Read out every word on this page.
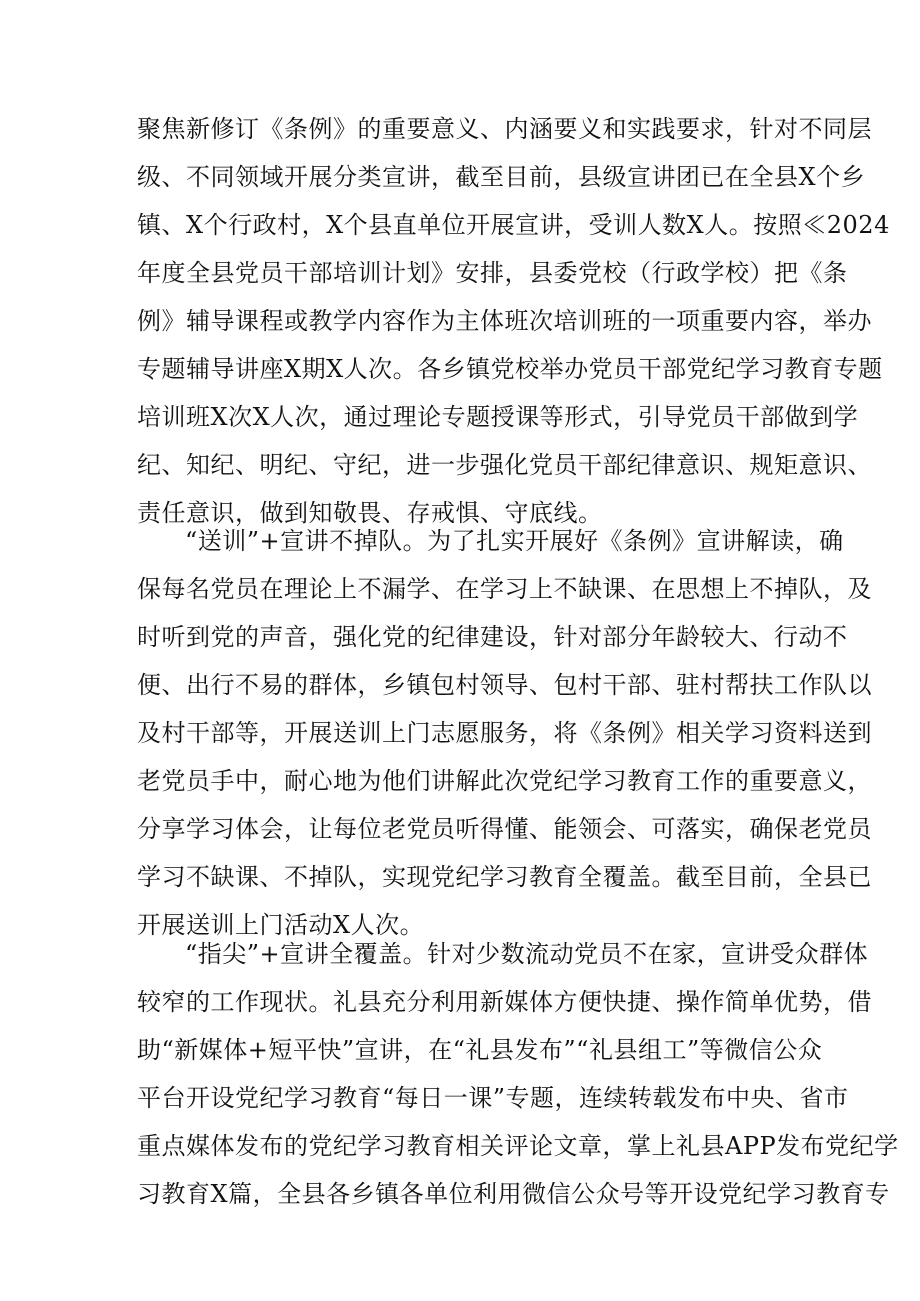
聚焦新修订《条例》的重要意义、内涵要义和实践要求，针对不同层
级、不同领域开展分类宣讲，截至目前，县级宣讲团已在全县X个乡
镇、X个行政村，X个县直单位开展宣讲，受训人数X人。按照≪2024
年度全县党员干部培训计划》安排，县委党校（行政学校）把《条
例》辅导课程或教学内容作为主体班次培训班的一项重要内容，举办
专题辅导讲座X期X人次。各乡镇党校举办党员干部党纪学习教育专题
培训班X次X人次，通过理论专题授课等形式，引导党员干部做到学
纪、知纪、明纪、守纪，进一步强化党员干部纪律意识、规矩意识、
责任意识，做到知敬畏、存戒惧、守底线。
“送训”+宣讲不掉队。为了扎实开展好《条例》宣讲解读，确
保每名党员在理论上不漏学、在学习上不缺课、在思想上不掉队，及
时听到党的声音，强化党的纪律建设，针对部分年龄较大、行动不
便、出行不易的群体，乡镇包村领导、包村干部、驻村帮扶工作队以
及村干部等，开展送训上门志愿服务，将《条例》相关学习资料送到
老党员手中，耐心地为他们讲解此次党纪学习教育工作的重要意义，
分享学习体会，让每位老党员听得懂、能领会、可落实，确保老党员
学习不缺课、不掉队，实现党纪学习教育全覆盖。截至目前，全县已
开展送训上门活动X人次。
“指尖”+宣讲全覆盖。针对少数流动党员不在家，宣讲受众群体
较窄的工作现状。礼县充分利用新媒体方便快捷、操作简单优势，借
助“新媒体+短平快”宣讲，在“礼县发布”“礼县组工”等微信公众
平台开设党纪学习教育“每日一课”专题，连续转载发布中央、省市
重点媒体发布的党纪学习教育相关评论文章，掌上礼县APP发布党纪学
习教育X篇，全县各乡镇各单位利用微信公众号等开设党纪学习教育专
